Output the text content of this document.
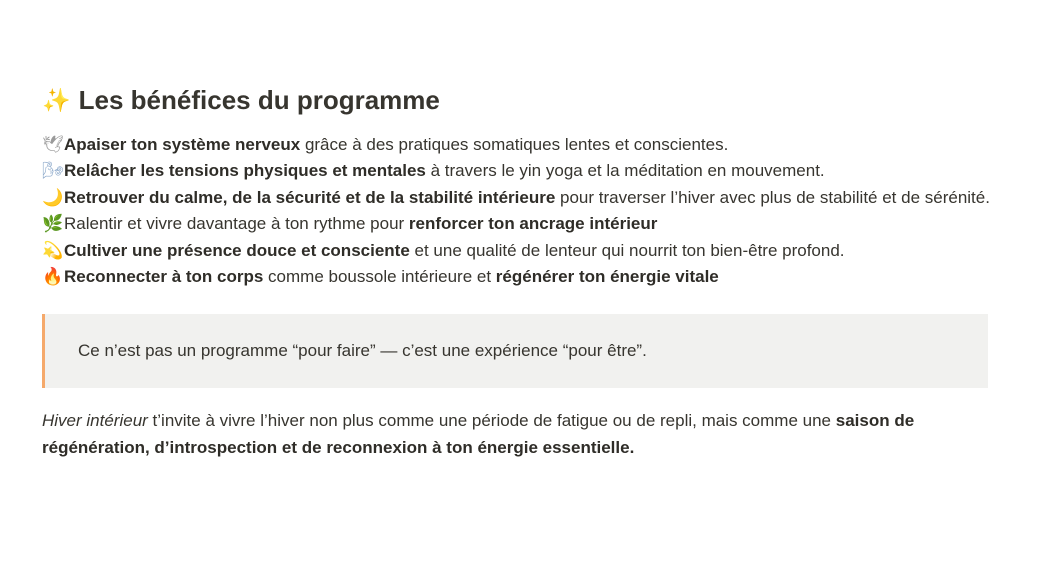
✨ Les bénéfices du programme
🕊Apaiser ton système nerveux grâce à des pratiques somatiques lentes et conscientes.
🌬Relâcher les tensions physiques et mentales à travers le yin yoga et la méditation en mouvement.
🌙Retrouver du calme, de la sécurité et de la stabilité intérieure pour traverser l’hiver avec plus de stabilité et de sérénité.
🌿Ralentir et vivre davantage à ton rythme pour renforcer ton ancrage intérieur
💫Cultiver une présence douce et consciente et une qualité de lenteur qui nourrit ton bien-être profond.
🔥Reconnecter à ton corps comme boussole intérieure et régénérer ton énergie vitale
Ce n’est pas un programme “pour faire” — c’est une expérience “pour être”.
Hiver intérieur t’invite à vivre l’hiver non plus comme une période de fatigue ou de repli, mais comme une saison de régénération, d’introspection et de reconnexion à ton énergie essentielle.
